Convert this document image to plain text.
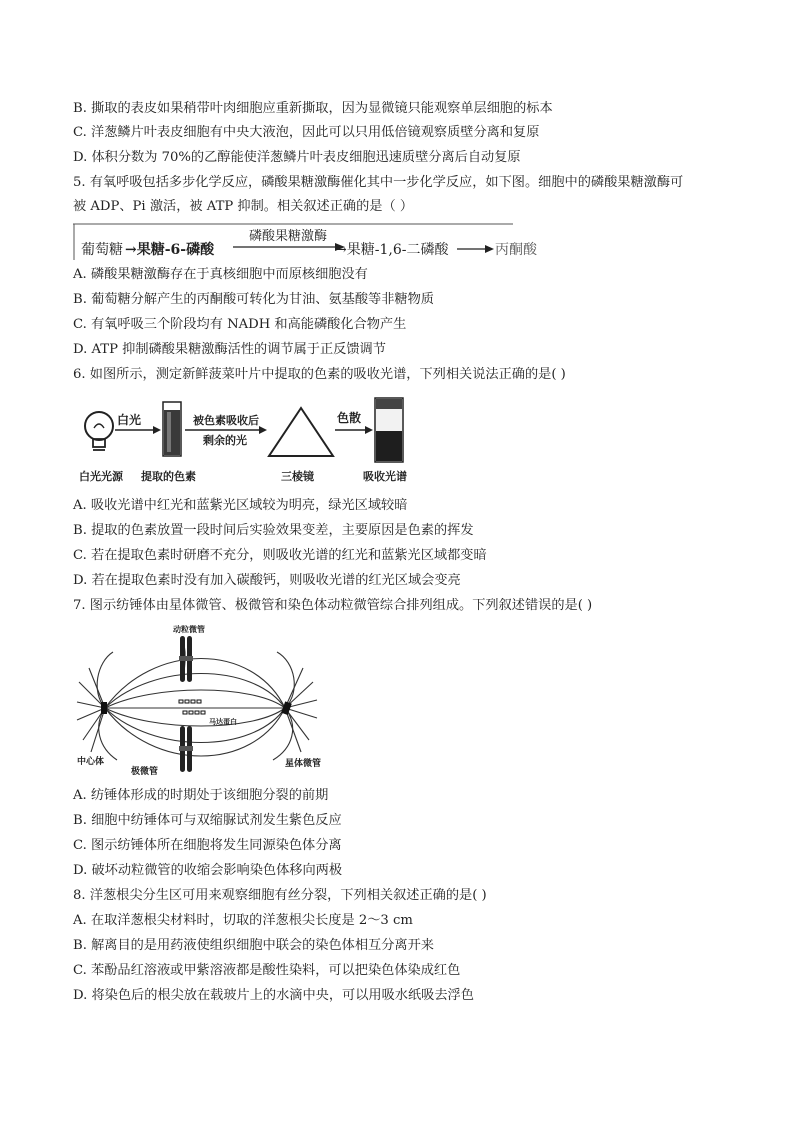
B. 撕取的表皮如果稍带叶肉细胞应重新撕取，因为显微镜只能观察单层细胞的标本
C. 洋葱鳞片叶表皮细胞有中央大液泡，因此可以只用低倍镜观察质壁分离和复原
D. 体积分数为 70%的乙醇能使洋葱鳞片叶表皮细胞迅速质壁分离后自动复原
5. 有氧呼吸包括多步化学反应，磷酸果糖激酶催化其中一步化学反应，如下图。细胞中的磷酸果糖激酶可
被 ADP、Pi 激活，被 ATP 抑制。相关叙述正确的是（ ）
葡萄糖 →果糖-6-磷酸
磷酸果糖激酶
→果糖-1,6-二磷酸	丙酮酸
A. 磷酸果糖激酶存在于真核细胞中而原核细胞没有
B. 葡萄糖分解产生的丙酮酸可转化为甘油、氨基酸等非糖物质
C. 有氧呼吸三个阶段均有 NADH 和高能磷酸化合物产生
D. ATP 抑制磷酸果糖激酶活性的调节属于正反馈调节
6. 如图所示，测定新鲜菠菜叶片中提取的色素的吸收光谱，下列相关说法正确的是( )
白光	被色素吸收后
剩余的光
色散
白光光源 提取的色素	三棱镜	吸收光谱
A. 吸收光谱中红光和蓝紫光区域较为明亮，绿光区域较暗
B. 提取的色素放置一段时间后实验效果变差，主要原因是色素的挥发
C. 若在提取色素时研磨不充分，则吸收光谱的红光和蓝紫光区域都变暗
D. 若在提取色素时没有加入碳酸钙，则吸收光谱的红光区域会变亮
7. 图示纺锤体由星体微管、极微管和染色体动粒微管综合排列组成。下列叙述错误的是( )
动粒微管
马达蛋白
中心体
极微管
星体微管
A. 纺锤体形成的时期处于该细胞分裂的前期
B. 细胞中纺锤体可与双缩脲试剂发生紫色反应
C. 图示纺锤体所在细胞将发生同源染色体分离
D. 破坏动粒微管的收缩会影响染色体移向两极
8. 洋葱根尖分生区可用来观察细胞有丝分裂，下列相关叙述正确的是( )
A. 在取洋葱根尖材料时，切取的洋葱根尖长度是 2～3 cm
B. 解离目的是用药液使组织细胞中联会的染色体相互分离开来
C. 苯酚品红溶液或甲紫溶液都是酸性染料，可以把染色体染成红色
D. 将染色后的根尖放在载玻片上的水滴中央，可以用吸水纸吸去浮色
